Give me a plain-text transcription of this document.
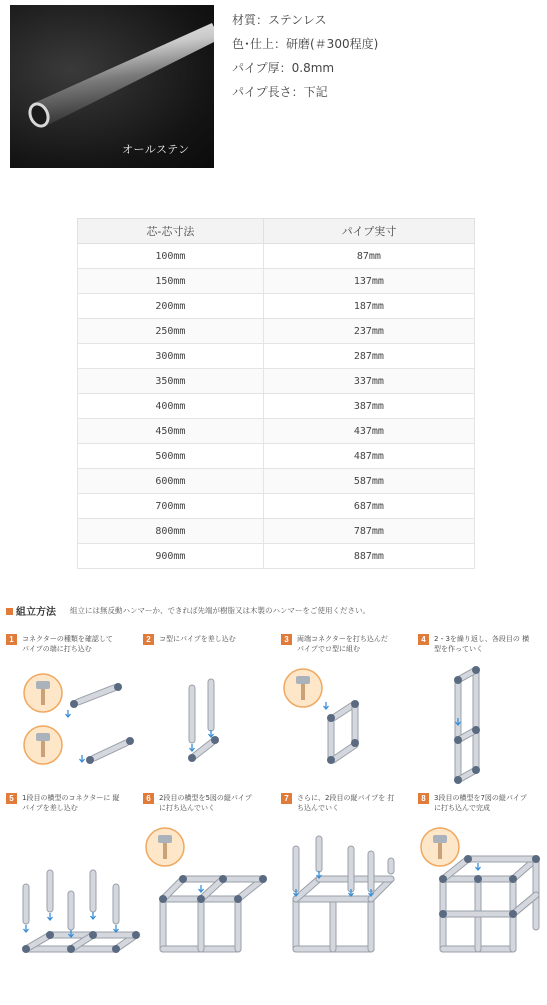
オールステン
材質：ステンレス
色･仕上：研磨(＃300程度)
パイプ厚：0.8mm
パイプ長さ：下記
芯-芯寸法	パイプ実寸
100mm	87mm
150mm	137mm
200mm	187mm
250mm	237mm
300mm	287mm
350mm	337mm
400mm	387mm
450mm	437mm
500mm	487mm
600mm	587mm
700mm	687mm
800mm	787mm
900mm	887mm
組立方法 組立には無反動ハンマーか、できれば先端が樹脂又は木製のハンマーをご使用ください。
1	コネクターの種類を確認して パイプの端に打ち込む
2	コ型にパイプを差し込む	3	両端コネクターを打ち込んだ パイプでロ型に組む
4	2・3を繰り返し、各段目の 横型を作っていく
5	1段目の横型のコネクターに 縦パイプを差し込む
6	2段目の横型を5図の縦パイプ に打ち込んでいく
7	さらに、2段目の縦パイプを 打ち込んでいく
8	3段目の横型を7図の縦パイプ に打ち込んで完成
